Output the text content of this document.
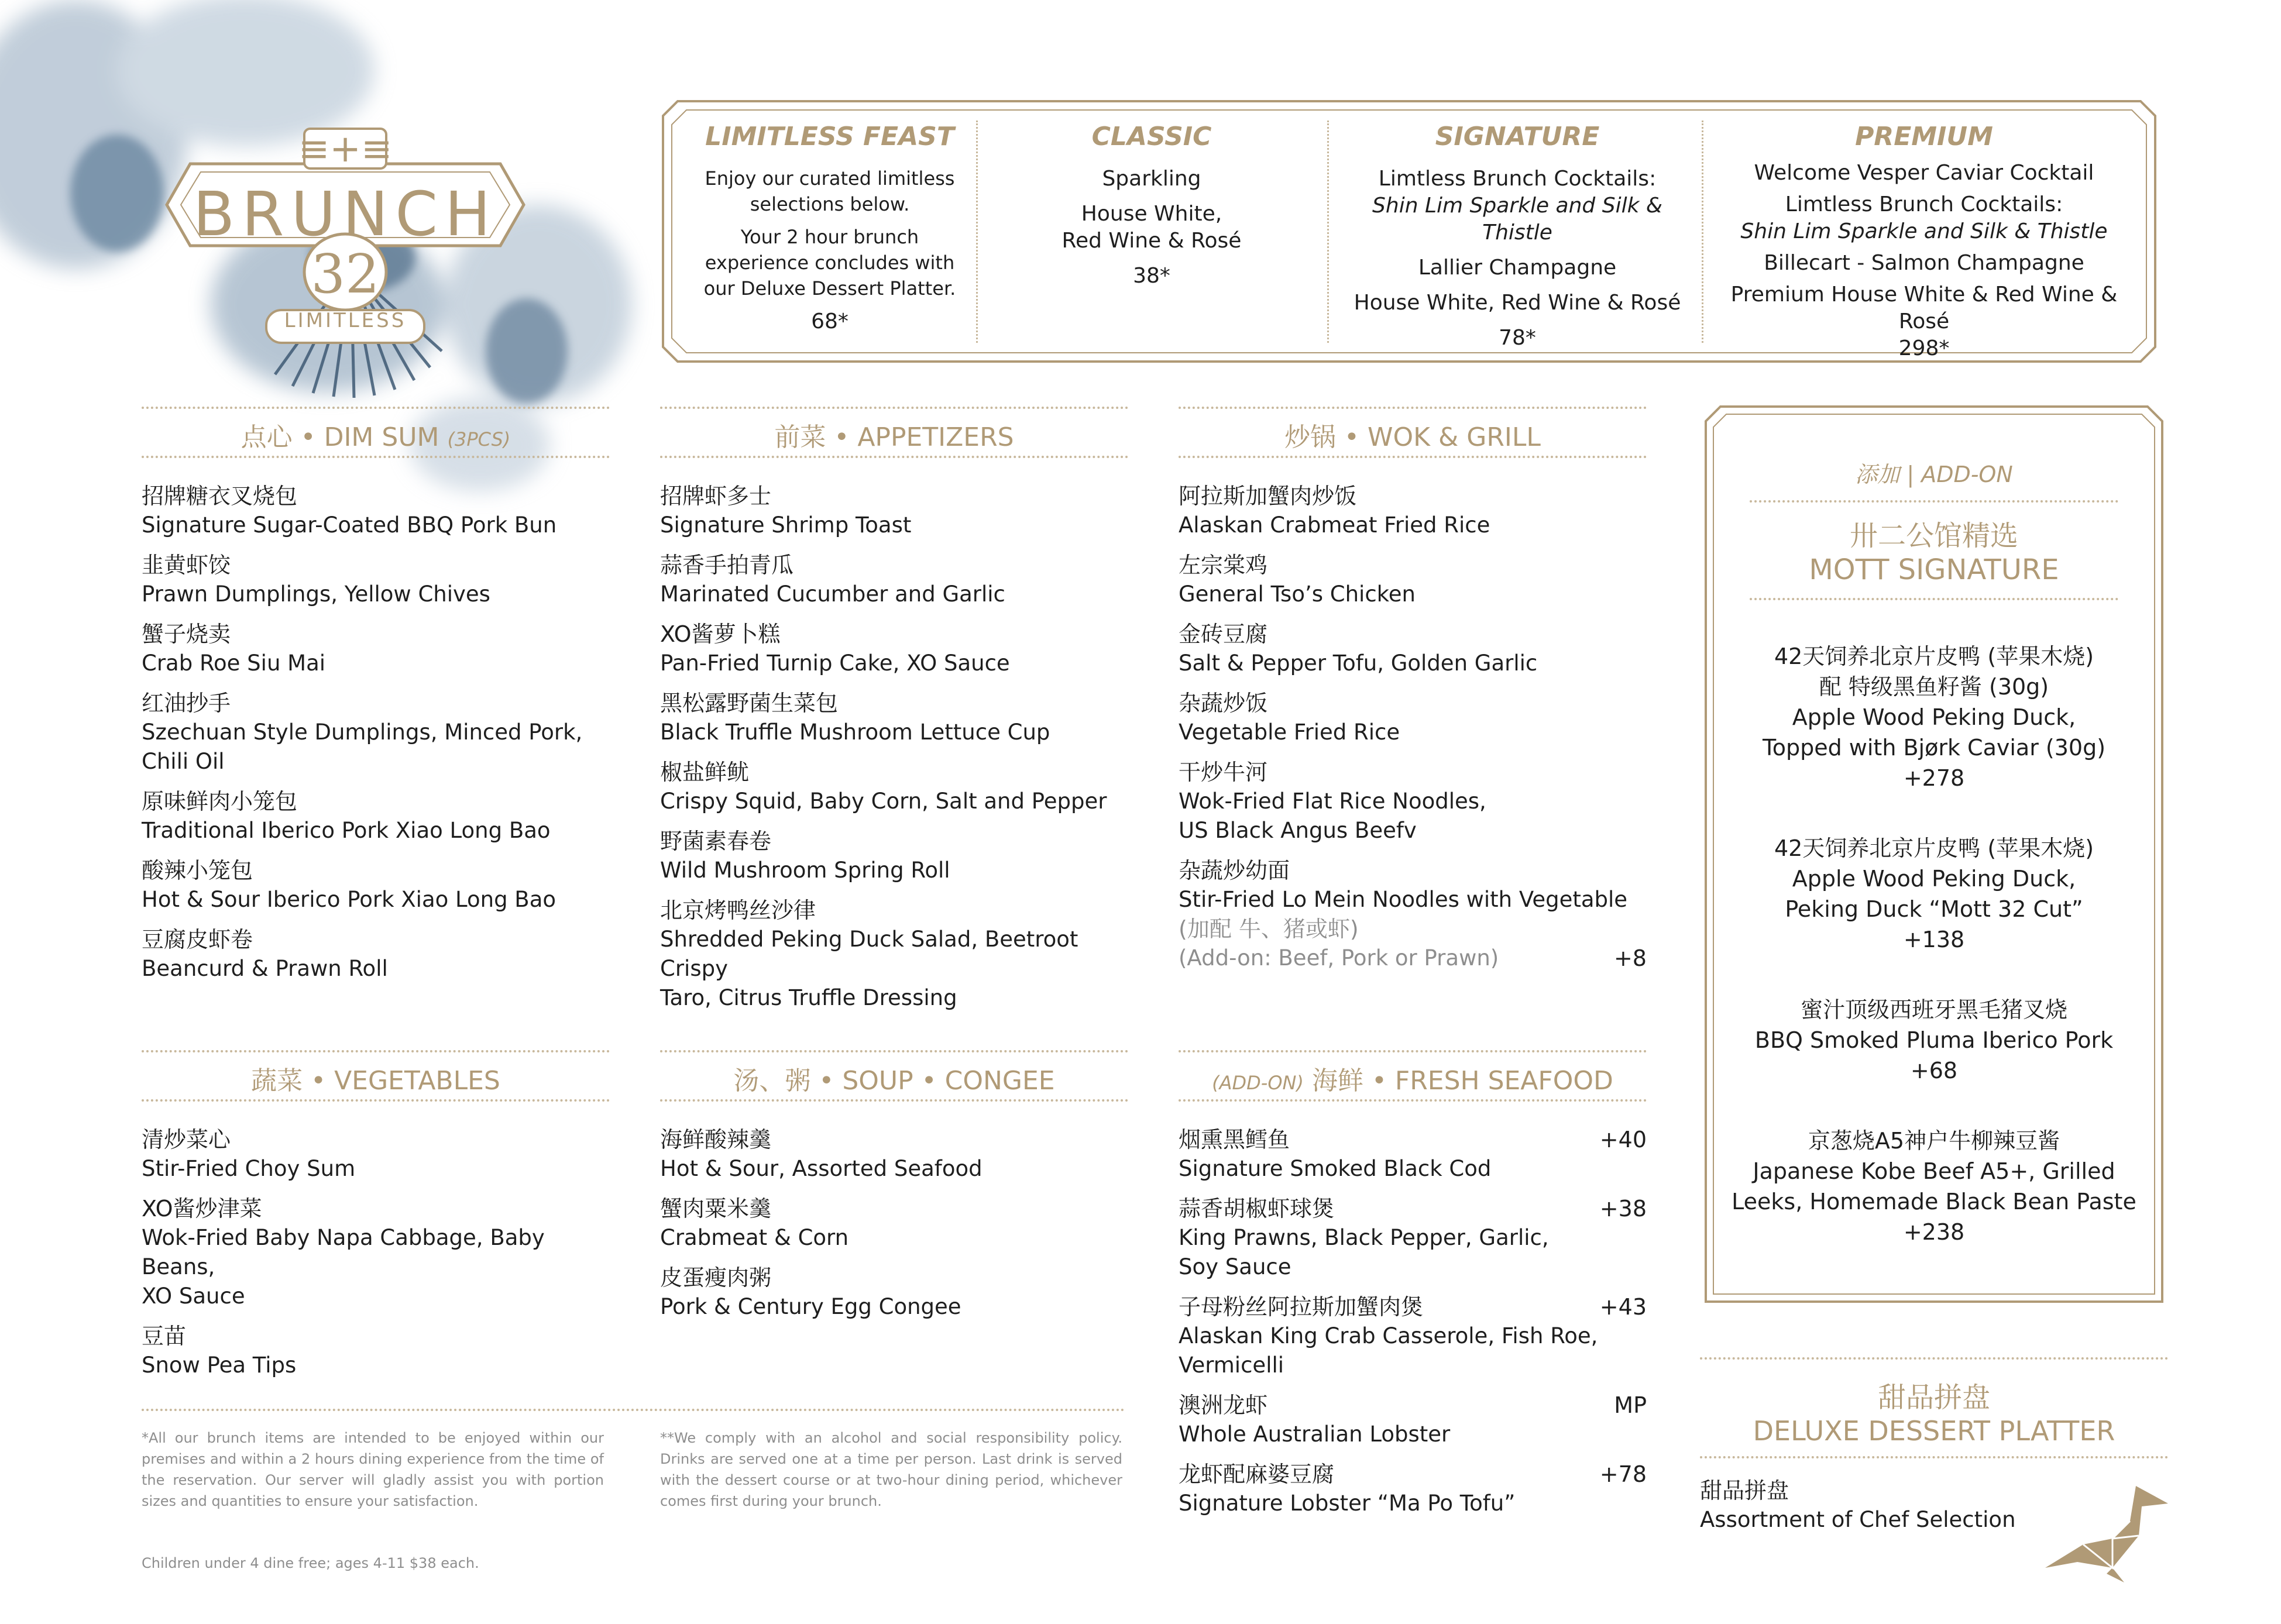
≡+≡
BRUNCH
32
LIMITLESS
LIMITLESS FEAST
Enjoy our curated limitless selections below.
Your 2 hour brunch experience concludes with our Deluxe Dessert Platter.
68*
CLASSIC
Sparkling
House White,
Red Wine & Rosé
38*
SIGNATURE
Limtless Brunch Cocktails:
Shin Lim Sparkle and Silk & Thistle
Lallier Champagne
House White, Red Wine & Rosé
78*
PREMIUM
Welcome Vesper Caviar Cocktail
Limtless Brunch Cocktails:
Shin Lim Sparkle and Silk & Thistle
Billecart - Salmon Champagne
Premium House White & Red Wine & Rosé
298*
点心 • DIM SUM (3PCS)
招牌糖衣叉烧包
Signature Sugar-Coated BBQ Pork Bun
韭黄虾饺
Prawn Dumplings, Yellow Chives
蟹子烧卖
Crab Roe Siu Mai
红油抄手
Szechuan Style Dumplings, Minced Pork,
Chili Oil
原味鲜肉小笼包
Traditional Iberico Pork Xiao Long Bao
酸辣小笼包
Hot & Sour Iberico Pork Xiao Long Bao
豆腐皮虾卷
Beancurd & Prawn Roll
前菜 • APPETIZERS
招牌虾多士
Signature Shrimp Toast
蒜香手拍青瓜
Marinated Cucumber and Garlic
XO酱萝卜糕
Pan-Fried Turnip Cake, XO Sauce
黑松露野菌生菜包
Black Truffle Mushroom Lettuce Cup
椒盐鲜鱿
Crispy Squid, Baby Corn, Salt and Pepper
野菌素春卷
Wild Mushroom Spring Roll
北京烤鸭丝沙律
Shredded Peking Duck Salad, Beetroot Crispy
Taro, Citrus Truffle Dressing
炒锅 • WOK & GRILL
阿拉斯加蟹肉炒饭
Alaskan Crabmeat Fried Rice
左宗棠鸡
General Tso’s Chicken
金砖豆腐
Salt & Pepper Tofu, Golden Garlic
杂蔬炒饭
Vegetable Fried Rice
干炒牛河
Wok-Fried Flat Rice Noodles,
US Black Angus Beefv
杂蔬炒幼面
Stir-Fried Lo Mein Noodles with Vegetable
(加配 牛、猪或虾)
(Add-on: Beef, Pork or Prawn)	+8
蔬菜 • VEGETABLES
清炒菜心
Stir-Fried Choy Sum
XO酱炒津菜
Wok-Fried Baby Napa Cabbage, Baby Beans,
XO Sauce
豆苗
Snow Pea Tips
汤、粥 • SOUP • CONGEE
海鲜酸辣羹
Hot & Sour, Assorted Seafood
蟹肉粟米羹
Crabmeat & Corn
皮蛋瘦肉粥
Pork & Century Egg Congee
(ADD-ON) 海鲜 • FRESH SEAFOOD
烟熏黑鳕鱼
Signature Smoked Black Cod
+40
蒜香胡椒虾球煲
King Prawns, Black Pepper, Garlic,
Soy Sauce
+38
子母粉丝阿拉斯加蟹肉煲
Alaskan King Crab Casserole, Fish Roe,
Vermicelli
+43
澳洲龙虾
Whole Australian Lobster
MP
龙虾配麻婆豆腐
Signature Lobster “Ma Po Tofu”
+78
添加 | ADD-ON
卅二公馆精选
MOTT SIGNATURE
42天饲养北京片皮鸭 (苹果木烧)
配 特级黑鱼籽酱 (30g)
Apple Wood Peking Duck,
Topped with Bjørk Caviar (30g)
+278
42天饲养北京片皮鸭 (苹果木烧)
Apple Wood Peking Duck,
Peking Duck “Mott 32 Cut”
+138
蜜汁顶级西班牙黑毛猪叉烧
BBQ Smoked Pluma Iberico Pork
+68
京葱烧A5神户牛柳辣豆酱
Japanese Kobe Beef A5+, Grilled
Leeks, Homemade Black Bean Paste
+238
甜品拼盘
DELUXE DESSERT PLATTER
甜品拼盘
Assortment of Chef Selection
*All our brunch items are intended to be enjoyed within our premises and within a 2 hours dining experience from the time of the reservation. Our server will gladly assist you with portion sizes and quantities to ensure your satisfaction.
**We comply with an alcohol and social responsibility policy. Drinks are served one at a time per person. Last drink is served with the dessert course or at two-hour dining period, whichever comes first during your brunch.
Children under 4 dine free; ages 4-11 $38 each.
